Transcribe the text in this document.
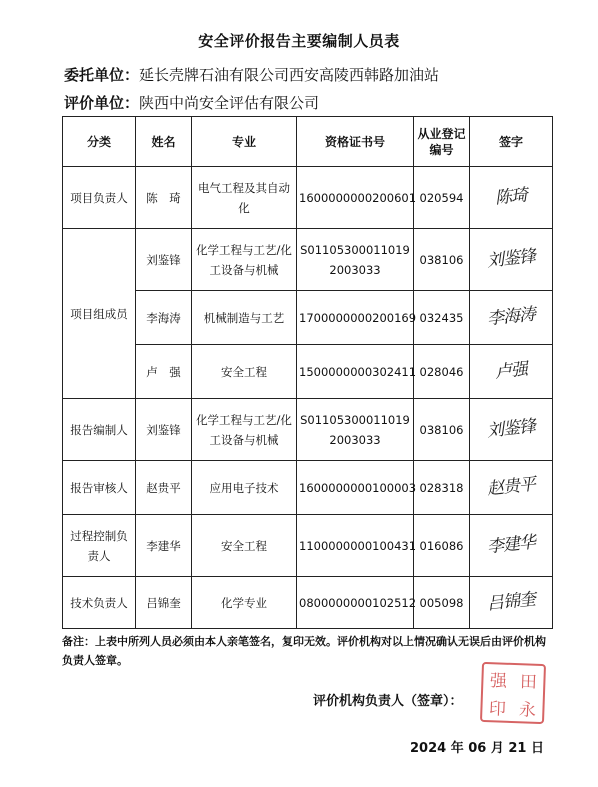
安全评价报告主要编制人员表
委托单位：延长壳牌石油有限公司西安高陵西韩路加油站
评价单位：陕西中尚安全评估有限公司
分类	姓名	专业	资格证书号	从业登记编号	签字
项目负责人	陈　琦	电气工程及其自动化	1600000000200601	020594	陈琦
项目组成员	刘鉴锋	化学工程与工艺/化工设备与机械	S011053000110192003033	038106	刘鉴锋
	李海涛	机械制造与工艺	1700000000200169	032435	李海涛
	卢　强	安全工程	1500000000302411	028046	卢强
报告编制人	刘鉴锋	化学工程与工艺/化工设备与机械	S011053000110192003033	038106	刘鉴锋
报告审核人	赵贵平	应用电子技术	1600000000100003	028318	赵贵平
过程控制负责人	李建华	安全工程	1100000000100431	016086	李建华
技术负责人	吕锦奎	化学专业	0800000000102512	005098	吕锦奎
备注：上表中所列人员必须由本人亲笔签名，复印无效。评价机构对以上情况确认无误后由评价机构负责人签章。
评价机构负责人（签章）：
强 田
印 永
2024 年 06 月 21 日
